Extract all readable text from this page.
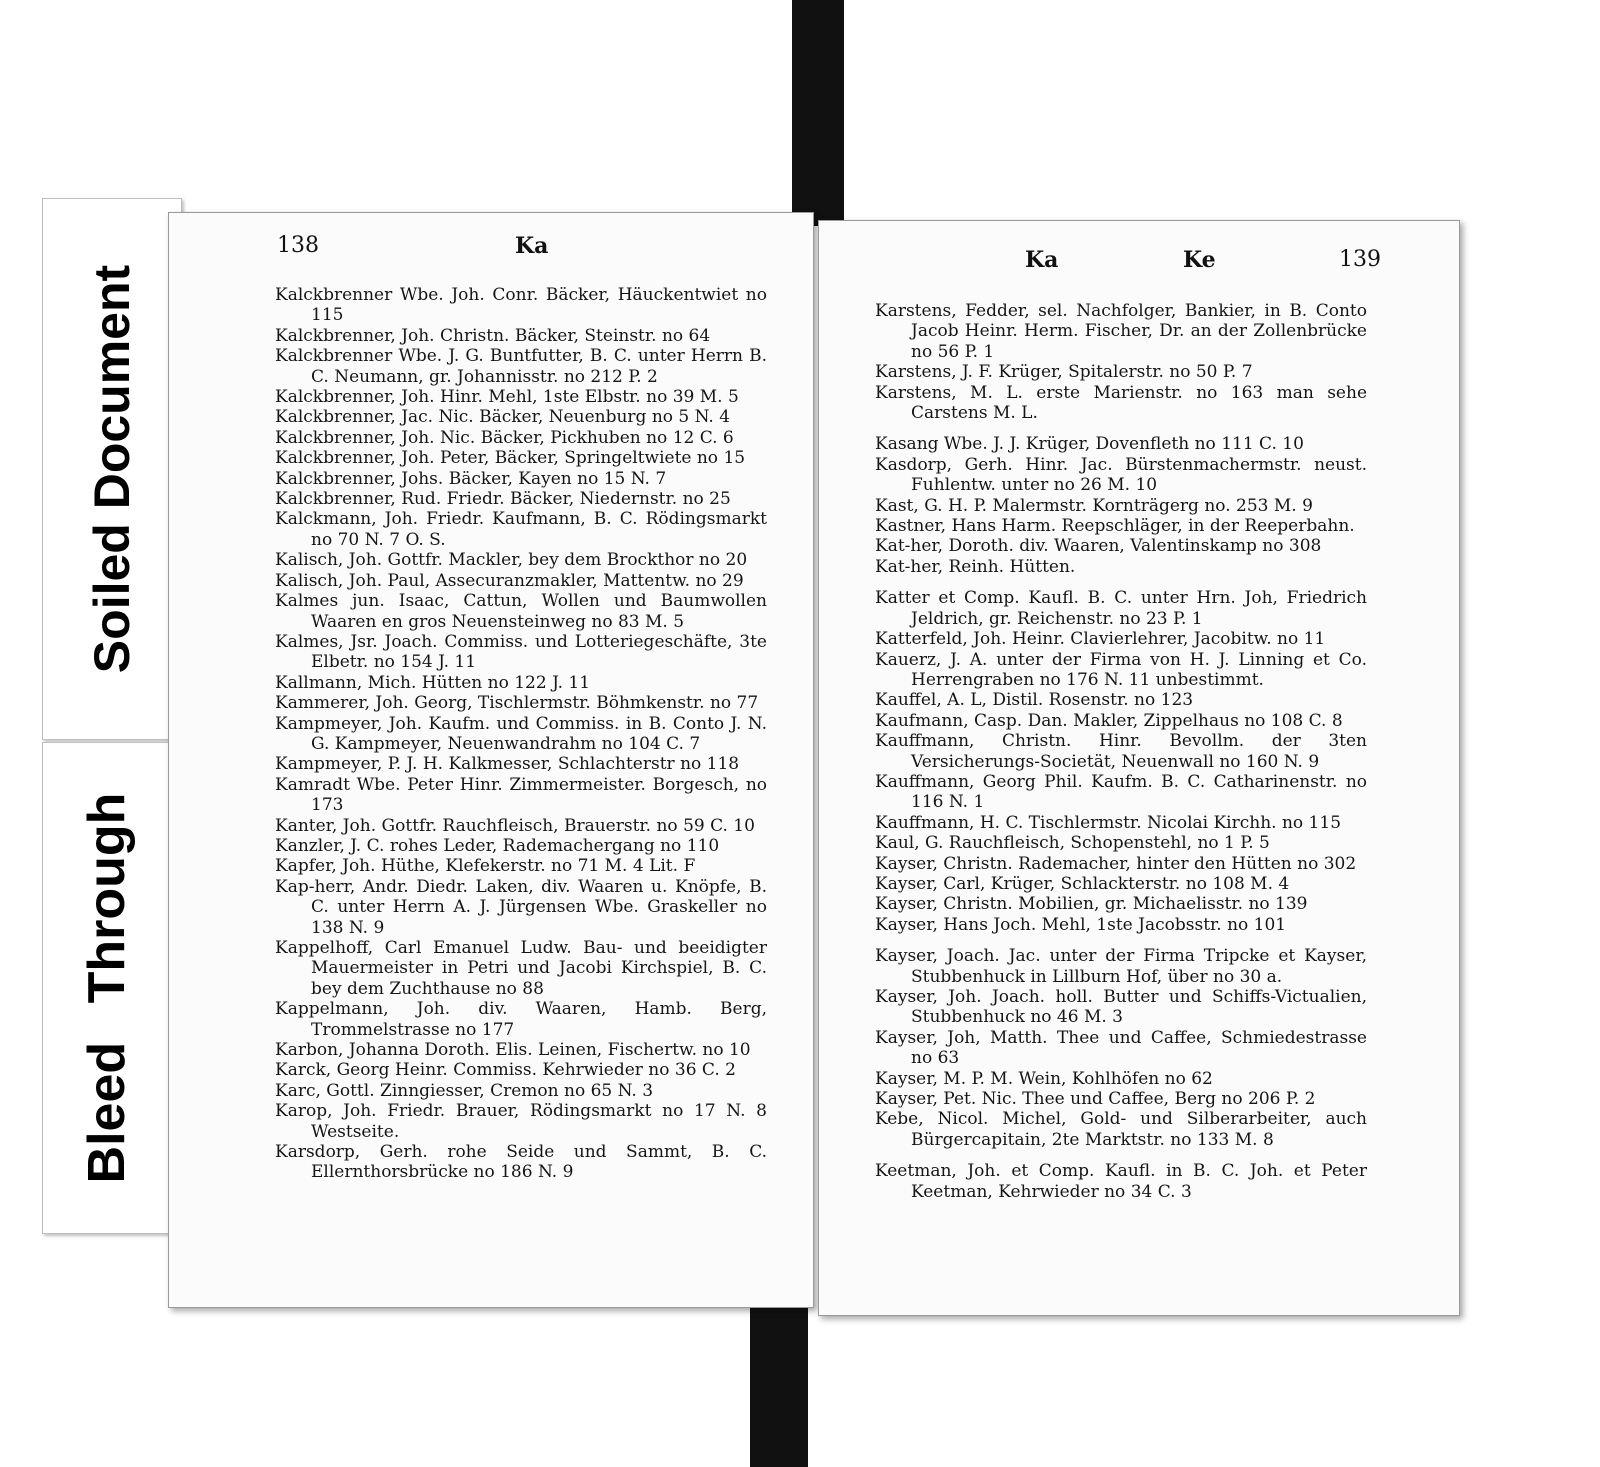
Soiled Document
Bleed Through
138	Ka
Kalckbrenner Wbe. Joh. Conr. Bäcker, Häuckentwiet no 115
Kalckbrenner, Joh. Christn. Bäcker, Steinstr. no 64
Kalckbrenner Wbe. J. G. Buntfutter, B. C. unter Herrn B. C. Neumann, gr. Johannisstr. no 212 P. 2
Kalckbrenner, Joh. Hinr. Mehl, 1ste Elbstr. no 39 M. 5
Kalckbrenner, Jac. Nic. Bäcker, Neuenburg no 5 N. 4
Kalckbrenner, Joh. Nic. Bäcker, Pickhuben no 12 C. 6
Kalckbrenner, Joh. Peter, Bäcker, Springeltwiete no 15
Kalckbrenner, Johs. Bäcker, Kayen no 15 N. 7
Kalckbrenner, Rud. Friedr. Bäcker, Niedernstr. no 25
Kalckmann, Joh. Friedr. Kaufmann, B. C. Rödingsmarkt no 70 N. 7 O. S.
Kalisch, Joh. Gottfr. Mackler, bey dem Brockthor no 20
Kalisch, Joh. Paul, Assecuranzmakler, Mattentw. no 29
Kalmes jun. Isaac, Cattun, Wollen und Baumwollen Waaren en gros Neuensteinweg no 83 M. 5
Kalmes, Jsr. Joach. Commiss. und Lotteriegeschäfte, 3te Elbetr. no 154 J. 11
Kallmann, Mich. Hütten no 122 J. 11
Kammerer, Joh. Georg, Tischlermstr. Böhmkenstr. no 77
Kampmeyer, Joh. Kaufm. und Commiss. in B. Conto J. N. G. Kampmeyer, Neuenwandrahm no 104 C. 7
Kampmeyer, P. J. H. Kalkmesser, Schlachterstr no 118
Kamradt Wbe. Peter Hinr. Zimmermeister. Borgesch, no 173
Kanter, Joh. Gottfr. Rauchfleisch, Brauerstr. no 59 C. 10
Kanzler, J. C. rohes Leder, Rademachergang no 110
Kapfer, Joh. Hüthe, Klefekerstr. no 71 M. 4 Lit. F
Kap-herr, Andr. Diedr. Laken, div. Waaren u. Knöpfe, B. C. unter Herrn A. J. Jürgensen Wbe. Graskeller no 138 N. 9
Kappelhoff, Carl Emanuel Ludw. Bau- und beeidigter Mauermeister in Petri und Jacobi Kirchspiel, B. C. bey dem Zuchthause no 88
Kappelmann, Joh. div. Waaren, Hamb. Berg, Trommelstrasse no 177
Karbon, Johanna Doroth. Elis. Leinen, Fischertw. no 10
Karck, Georg Heinr. Commiss. Kehrwieder no 36 C. 2
Karc, Gottl. Zinngiesser, Cremon no 65 N. 3
Karop, Joh. Friedr. Brauer, Rödingsmarkt no 17 N. 8 Westseite.
Karsdorp, Gerh. rohe Seide und Sammt, B. C. Ellernthorsbrücke no 186 N. 9
Ka	Ke	139
Karstens, Fedder, sel. Nachfolger, Bankier, in B. Conto Jacob Heinr. Herm. Fischer, Dr. an der Zollenbrücke no 56 P. 1
Karstens, J. F. Krüger, Spitalerstr. no 50 P. 7
Karstens, M. L. erste Marienstr. no 163 man sehe Carstens M. L.
Kasang Wbe. J. J. Krüger, Dovenfleth no 111 C. 10
Kasdorp, Gerh. Hinr. Jac. Bürstenmachermstr. neust. Fuhlentw. unter no 26 M. 10
Kast, G. H. P. Malermstr. Kornträgerg no. 253 M. 9
Kastner, Hans Harm. Reepschläger, in der Reeperbahn.
Kat-her, Doroth. div. Waaren, Valentinskamp no 308
Kat-her, Reinh. Hütten.
Katter et Comp. Kaufl. B. C. unter Hrn. Joh, Friedrich Jeldrich, gr. Reichenstr. no 23 P. 1
Katterfeld, Joh. Heinr. Clavierlehrer, Jacobitw. no 11
Kauerz, J. A. unter der Firma von H. J. Linning et Co. Herrengraben no 176 N. 11 unbestimmt.
Kauffel, A. L, Distil. Rosenstr. no 123
Kaufmann, Casp. Dan. Makler, Zippelhaus no 108 C. 8
Kauffmann, Christn. Hinr. Bevollm. der 3ten Versicherungs-Societät, Neuenwall no 160 N. 9
Kauffmann, Georg Phil. Kaufm. B. C. Catharinenstr. no 116 N. 1
Kauffmann, H. C. Tischlermstr. Nicolai Kirchh. no 115
Kaul, G. Rauchfleisch, Schopenstehl, no 1 P. 5
Kayser, Christn. Rademacher, hinter den Hütten no 302
Kayser, Carl, Krüger, Schlackterstr. no 108 M. 4
Kayser, Christn. Mobilien, gr. Michaelisstr. no 139
Kayser, Hans Joch. Mehl, 1ste Jacobsstr. no 101
Kayser, Joach. Jac. unter der Firma Tripcke et Kayser, Stubbenhuck in Lillburn Hof, über no 30 a.
Kayser, Joh. Joach. holl. Butter und Schiffs-Victualien, Stubbenhuck no 46 M. 3
Kayser, Joh, Matth. Thee und Caffee, Schmiedestrasse no 63
Kayser, M. P. M. Wein, Kohlhöfen no 62
Kayser, Pet. Nic. Thee und Caffee, Berg no 206 P. 2
Kebe, Nicol. Michel, Gold- und Silberarbeiter, auch Bürgercapitain, 2te Marktstr. no 133 M. 8
Keetman, Joh. et Comp. Kaufl. in B. C. Joh. et Peter Keetman, Kehrwieder no 34 C. 3
